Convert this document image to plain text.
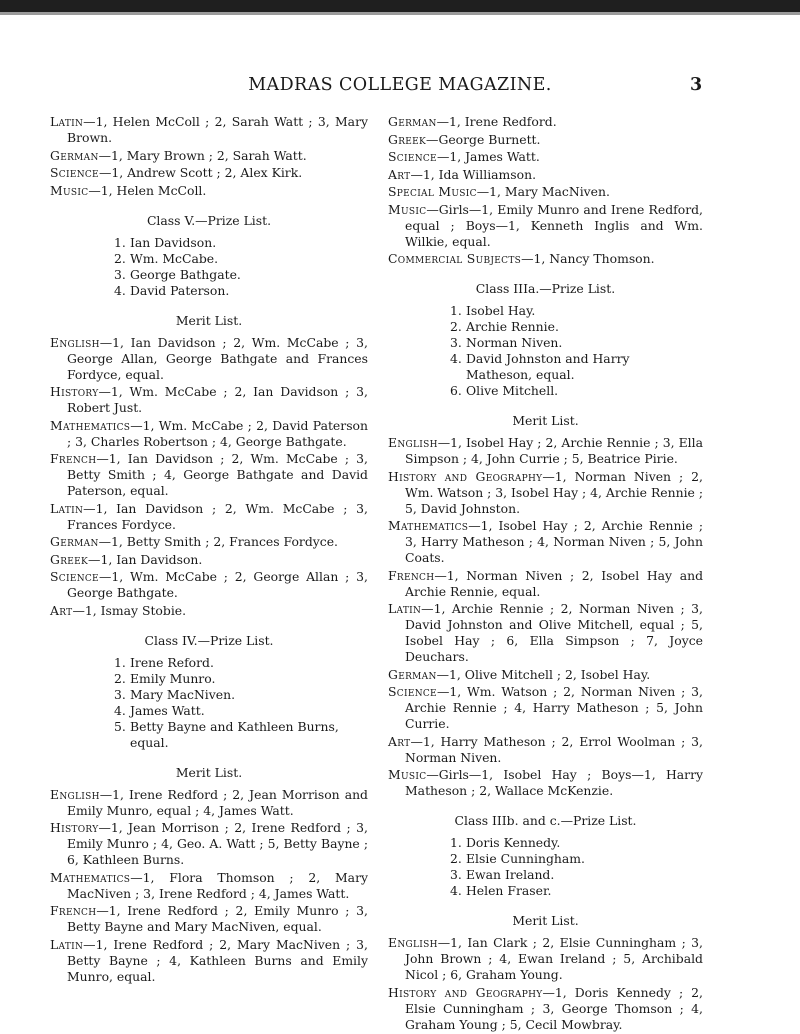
MADRAS COLLEGE MAGAZINE.	3

Latin—1, Helen McColl ; 2, Sarah Watt ; 3, Mary Brown.

German—1, Mary Brown ; 2, Sarah Watt.

Science—1, Andrew Scott ; 2, Alex Kirk.

Music—1, Helen McColl.

Class V.—Prize List.
1. Ian Davidson.
2. Wm. McCabe.
3. George Bathgate.
4. David Paterson.
Merit List.

English—1, Ian Davidson ; 2, Wm. McCabe ; 3, George Allan, George Bathgate and Frances Fordyce, equal.

History—1, Wm. McCabe ; 2, Ian Davidson ; 3, Robert Just.

Mathematics—1, Wm. McCabe ; 2, David Paterson ; 3, Charles Robertson ; 4, George Bathgate.

French—1, Ian Davidson ; 2, Wm. McCabe ; 3, Betty Smith ; 4, George Bathgate and David Paterson, equal.

Latin—1, Ian Davidson ; 2, Wm. McCabe ; 3, Frances Fordyce.

German—1, Betty Smith ; 2, Frances Fordyce.

Greek—1, Ian Davidson.

Science—1, Wm. McCabe ; 2, George Allan ; 3, George Bathgate.

Art—1, Ismay Stobie.

Class IV.—Prize List.
1. Irene Reford.
2. Emily Munro.
3. Mary MacNiven.
4. James Watt.
5. Betty Bayne and Kathleen Burns, equal.
Merit List.

English—1, Irene Redford ; 2, Jean Morrison and Emily Munro, equal ; 4, James Watt.

History—1, Jean Morrison ; 2, Irene Redford ; 3, Emily Munro ; 4, Geo. A. Watt ; 5, Betty Bayne ; 6, Kathleen Burns.

Mathematics—1, Flora Thomson ; 2, Mary MacNiven ; 3, Irene Redford ; 4, James Watt.

French—1, Irene Redford ; 2, Emily Munro ; 3, Betty Bayne and Mary MacNiven, equal.

Latin—1, Irene Redford ; 2, Mary MacNiven ; 3, Betty Bayne ; 4, Kathleen Burns and Emily Munro, equal.

German—1, Irene Redford.

Greek—George Burnett.

Science—1, James Watt.

Art—1, Ida Williamson.

Special Music—1, Mary MacNiven.

Music—Girls—1, Emily Munro and Irene Redford, equal ; Boys—1, Kenneth Inglis and Wm. Wilkie, equal.

Commercial Subjects—1, Nancy Thomson.

Class IIIa.—Prize List.
1. Isobel Hay.
2. Archie Rennie.
3. Norman Niven.
4. David Johnston and Harry Matheson, equal.
6. Olive Mitchell.
Merit List.

English—1, Isobel Hay ; 2, Archie Rennie ; 3, Ella Simpson ; 4, John Currie ; 5, Beatrice Pirie.

History and Geography—1, Norman Niven ; 2, Wm. Watson ; 3, Isobel Hay ; 4, Archie Rennie ; 5, David Johnston.

Mathematics—1, Isobel Hay ; 2, Archie Rennie ; 3, Harry Matheson ; 4, Norman Niven ; 5, John Coats.

French—1, Norman Niven ; 2, Isobel Hay and Archie Rennie, equal.

Latin—1, Archie Rennie ; 2, Norman Niven ; 3, David Johnston and Olive Mitchell, equal ; 5, Isobel Hay ; 6, Ella Simpson ; 7, Joyce Deuchars.

German—1, Olive Mitchell ; 2, Isobel Hay.

Science—1, Wm. Watson ; 2, Norman Niven ; 3, Archie Rennie ; 4, Harry Matheson ; 5, John Currie.

Art—1, Harry Matheson ; 2, Errol Woolman ; 3, Norman Niven.

Music—Girls—1, Isobel Hay ; Boys—1, Harry Matheson ; 2, Wallace McKenzie.

Class IIIb. and c.—Prize List.
1. Doris Kennedy.
2. Elsie Cunningham.
3. Ewan Ireland.
4. Helen Fraser.
Merit List.

English—1, Ian Clark ; 2, Elsie Cunningham ; 3, John Brown ; 4, Ewan Ireland ; 5, Archibald Nicol ; 6, Graham Young.

History and Geography—1, Doris Kennedy ; 2, Elsie Cunningham ; 3, George Thomson ; 4, Graham Young ; 5, Cecil Mowbray.
